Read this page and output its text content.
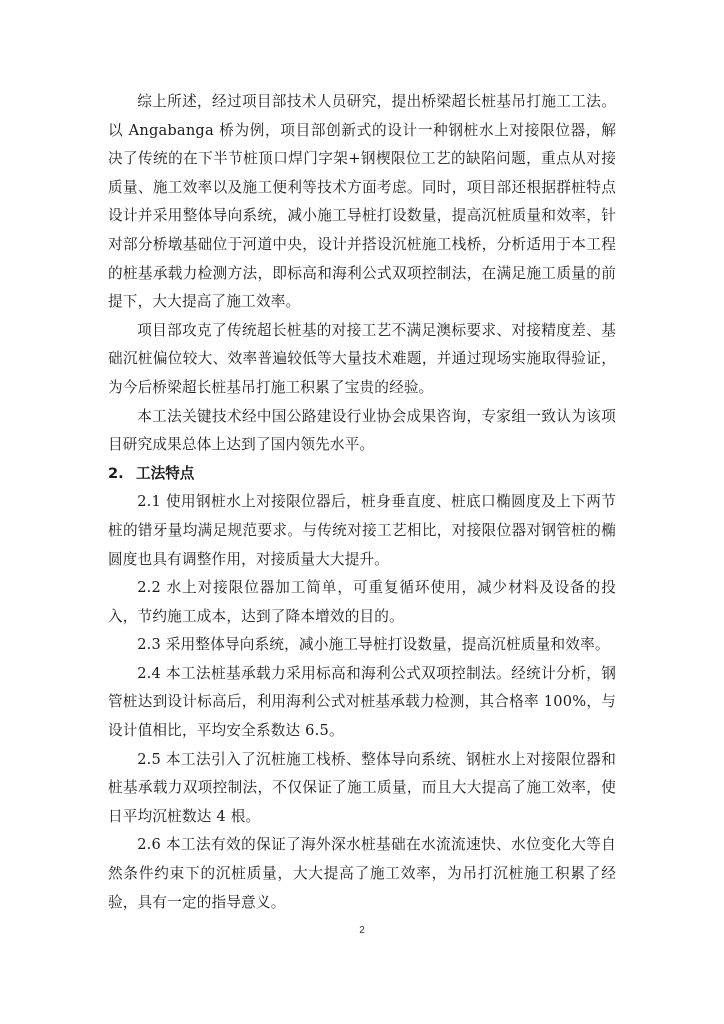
综上所述，经过项目部技术人员研究，提出桥梁超长桩基吊打施工工法。以 Angabanga 桥为例，项目部创新式的设计一种钢桩水上对接限位器，解决了传统的在下半节桩顶口焊门字架+钢楔限位工艺的缺陷问题，重点从对接质量、施工效率以及施工便利等技术方面考虑。同时，项目部还根据群桩特点设计并采用整体导向系统，减小施工导桩打设数量，提高沉桩质量和效率，针对部分桥墩基础位于河道中央，设计并搭设沉桩施工栈桥，分析适用于本工程的桩基承载力检测方法，即标高和海利公式双项控制法，在满足施工质量的前提下，大大提高了施工效率。

项目部攻克了传统超长桩基的对接工艺不满足澳标要求、对接精度差、基础沉桩偏位较大、效率普遍较低等大量技术难题，并通过现场实施取得验证，为今后桥梁超长桩基吊打施工积累了宝贵的经验。

本工法关键技术经中国公路建设行业协会成果咨询，专家组一致认为该项目研究成果总体上达到了国内领先水平。

2. 工法特点

2.1 使用钢桩水上对接限位器后，桩身垂直度、桩底口椭圆度及上下两节桩的错牙量均满足规范要求。与传统对接工艺相比，对接限位器对钢管桩的椭圆度也具有调整作用，对接质量大大提升。

2.2 水上对接限位器加工简单，可重复循环使用，减少材料及设备的投入，节约施工成本，达到了降本增效的目的。

2.3 采用整体导向系统，减小施工导桩打设数量，提高沉桩质量和效率。

2.4 本工法桩基承载力采用标高和海利公式双项控制法。经统计分析，钢管桩达到设计标高后，利用海利公式对桩基承载力检测，其合格率 100%，与设计值相比，平均安全系数达 6.5。

2.5 本工法引入了沉桩施工栈桥、整体导向系统、钢桩水上对接限位器和桩基承载力双项控制法，不仅保证了施工质量，而且大大提高了施工效率，使日平均沉桩数达 4 根。

2.6 本工法有效的保证了海外深水桩基础在水流流速快、水位变化大等自然条件约束下的沉桩质量，大大提高了施工效率，为吊打沉桩施工积累了经验，具有一定的指导意义。

2
